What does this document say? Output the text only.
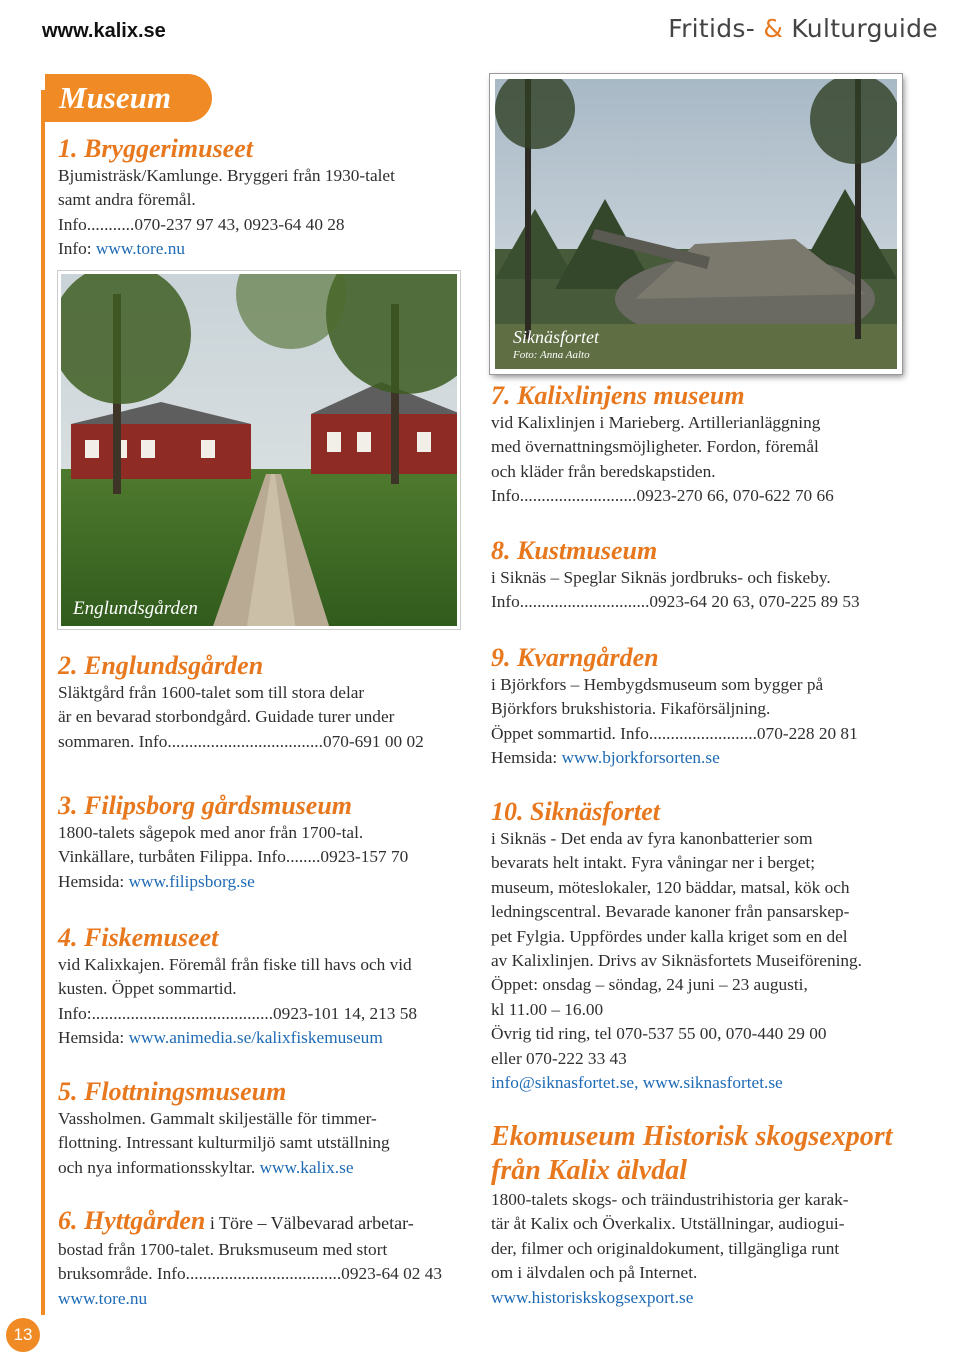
www.kalix.se	Fritids- & Kulturguide
Museum
1. Bryggerimuseet

Bjumisträsk/Kamlunge. Bryggeri från 1930-talet

samt andra föremål.

Info...........070-237 97 43, 0923-64 40 28

Info: www.tore.nu

Englundsgården
2. Englundsgården

Släktgård från 1600-talet som till stora delar

är en bevarad storbondgård. Guidade turer under

sommaren. Info....................................070-691 00 02

3. Filipsborg gårdsmuseum

1800-talets sågepok med anor från 1700-tal.

Vinkällare, turbåten Filippa. Info........0923-157 70

Hemsida: www.filipsborg.se

4. Fiskemuseet

vid Kalixkajen. Föremål från fiske till havs och vid

kusten. Öppet sommartid.

Info:..........................................0923-101 14, 213 58

Hemsida: www.animedia.se/kalixfiskemuseum

5. Flottningsmuseum

Vassholmen. Gammalt skiljeställe för timmer-

flottning. Intressant kulturmiljö samt utställning

och nya informationsskyltar. www.kalix.se

6. Hyttgården i Töre – Välbevarad arbetar-

bostad från 1700-talet. Bruksmuseum med stort

bruksområde. Info....................................0923-64 02 43

www.tore.nu

Siknäsfortet
Foto: Anna Aalto
7. Kalixlinjens museum

vid Kalixlinjen i Marieberg. Artillerianläggning

med övernattningsmöjligheter. Fordon, föremål

och kläder från beredskapstiden.

Info...........................0923-270 66, 070-622 70 66

8. Kustmuseum

i Siknäs – Speglar Siknäs jordbruks- och fiskeby.

Info..............................0923-64 20 63, 070-225 89 53

9. Kvarngården

i Björkfors – Hembygdsmuseum som bygger på

Björkfors brukshistoria. Fikaförsäljning.

Öppet sommartid. Info.........................070-228 20 81

Hemsida: www.bjorkforsorten.se

10. Siknäsfortet

i Siknäs - Det enda av fyra kanonbatterier som

bevarats helt intakt. Fyra våningar ner i berget;

museum, möteslokaler, 120 bäddar, matsal, kök och

ledningscentral. Bevarade kanoner från pansarskep-

pet Fylgia. Uppfördes under kalla kriget som en del

av Kalixlinjen. Drivs av Siknäsfortets Museiförening.

Öppet: onsdag – söndag, 24 juni – 23 augusti,

kl 11.00 – 16.00

Övrig tid ring, tel 070-537 55 00, 070-440 29 00

eller 070-222 33 43

info@siknasfortet.se, www.siknasfortet.se

Ekomuseum Historisk skogsexport
från Kalix älvdal

1800-talets skogs- och träindustrihistoria ger karak-

tär åt Kalix och Överkalix. Utställningar, audiogui-

der, filmer och originaldokument, tillgängliga runt

om i älvdalen och på Internet.

www.historiskskogsexport.se

13
